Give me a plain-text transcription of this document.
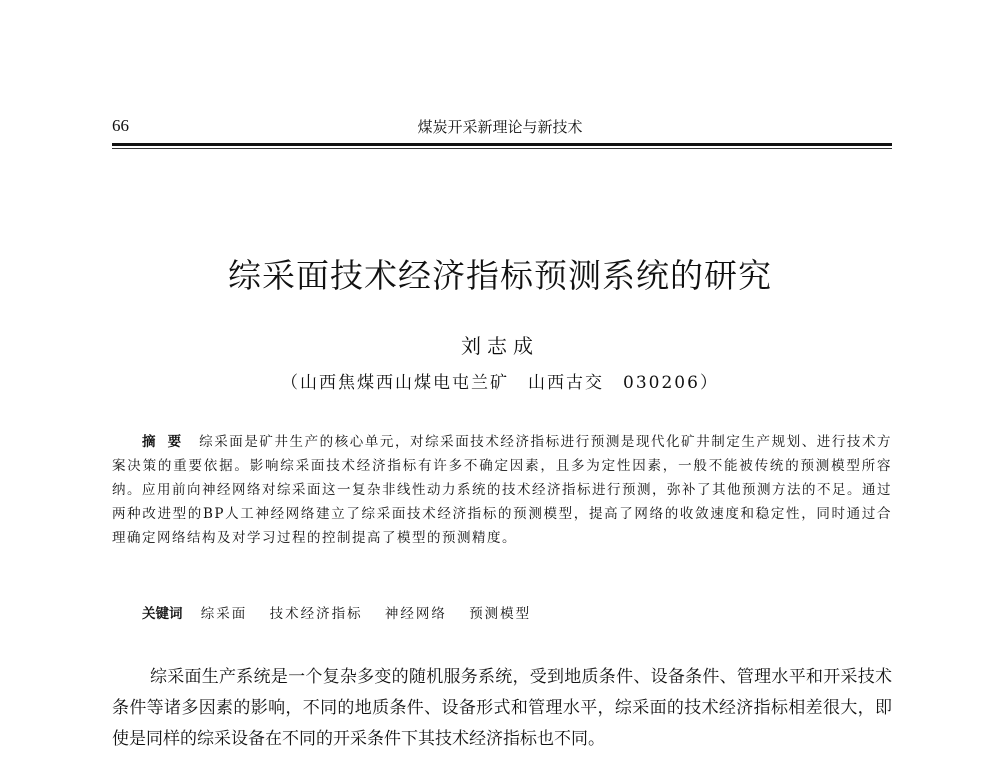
66	煤炭开采新理论与新技术
综采面技术经济指标预测系统的研究
刘志成
（山西焦煤西山煤电屯兰矿　山西古交　030206）
摘要 综采面是矿井生产的核心单元，对综采面技术经济指标进行预测是现代化矿井制定生产规划、进行技术方案决策的重要依据。影响综采面技术经济指标有许多不确定因素，且多为定性因素，一般不能被传统的预测模型所容纳。应用前向神经网络对综采面这一复杂非线性动力系统的技术经济指标进行预测，弥补了其他预测方法的不足。通过两种改进型的BP人工神经网络建立了综采面技术经济指标的预测模型，提高了网络的收敛速度和稳定性，同时通过合理确定网络结构及对学习过程的控制提高了模型的预测精度。
关键词 综采面 技术经济指标 神经网络 预测模型
综采面生产系统是一个复杂多变的随机服务系统，受到地质条件、设备条件、管理水平和开采技术条件等诸多因素的影响，不同的地质条件、设备形式和管理水平，综采面的技术经济指标相差很大，即使是同样的综采设备在不同的开采条件下其技术经济指标也不同。
